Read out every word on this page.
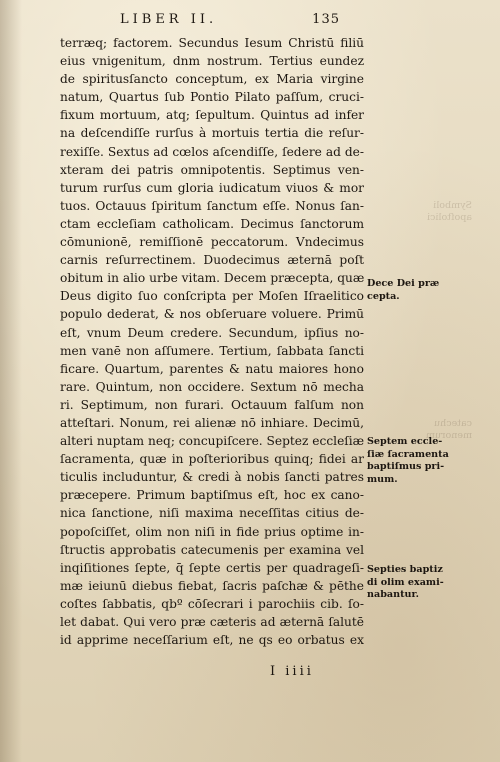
LIBER II.	135
Symboli
apoſtolici
catechu
menorum
terræq; factorem. Secundus Iesum Christū filiū
eius vnigenitum, dnm nostrum. Tertius eundez
de spiritusſancto conceptum, ex Maria virgine
natum, Quartus ſub Pontio Pilato paſſum, cruci-
fixum mortuum, atq; ſepultum. Quintus ad infer
na deſcendiſſe rurſus à mortuis tertia die reſur-
rexiſſe. Sextus ad cœlos aſcendiſſe, ſedere ad de-
xteram dei patris omnipotentis. Septimus ven-
turum rurſus cum gloria iudicatum viuos & mor
tuos. Octauus ſpiritum ſanctum eſſe. Nonus ſan-
ctam eccleſiam catholicam. Decimus ſanctorum
cōmunionē, remiſſionē peccatorum. Vndecimus
carnis reſurrectinem. Duodecimus æternā poſt
obitum in alio urbe vitam. Decem præcepta, quæ
Deus digito ſuo conſcripta per Moſen Iſraelitico
populo dederat, & nos obſeruare voluere. Primū
eſt, vnum Deum credere. Secundum, ipſius no-
men vanē non aſſumere. Tertium, ſabbata ſancti
ficare. Quartum, parentes & natu maiores hono
rare. Quintum, non occidere. Sextum nō mecha
ri. Septimum, non furari. Octauum falſum non
atteſtari. Nonum, rei alienæ nō inhiare. Decimū,
alteri nuptam neq; concupiſcere. Septez eccleſiæ
ſacramenta, quæ in poſterioribus quinq; fidei ar
ticulis includuntur, & credi à nobis ſancti patres
præcepere. Primum baptiſmus eſt, hoc ex cano-
nica ſanctione, niſi maxima neceſſitas citius de-
popoſciſſet, olim non niſi in fide prius optime in-
ſtructis approbatis catecumenis per examina vel
inqiſitiones ſepte, q̄ ſepte certis per quadrageſi-
mæ ieiunū diebus fiebat, ſacris paſchæ & pēthe
coſtes ſabbatis, qbº cōſecrari i parochiis cib. ſo-
let dabat. Qui vero præ cæteris ad æternā ſalutē
id apprime neceſſarium eſt, ne qs eo orbatus ex
I iiii
Dece Dei præ
cepta.
Septem eccle-
ſiæ ſacramenta
baptiſmus pri-
mum.
Septies baptiz
di olim exami-
nabantur.
